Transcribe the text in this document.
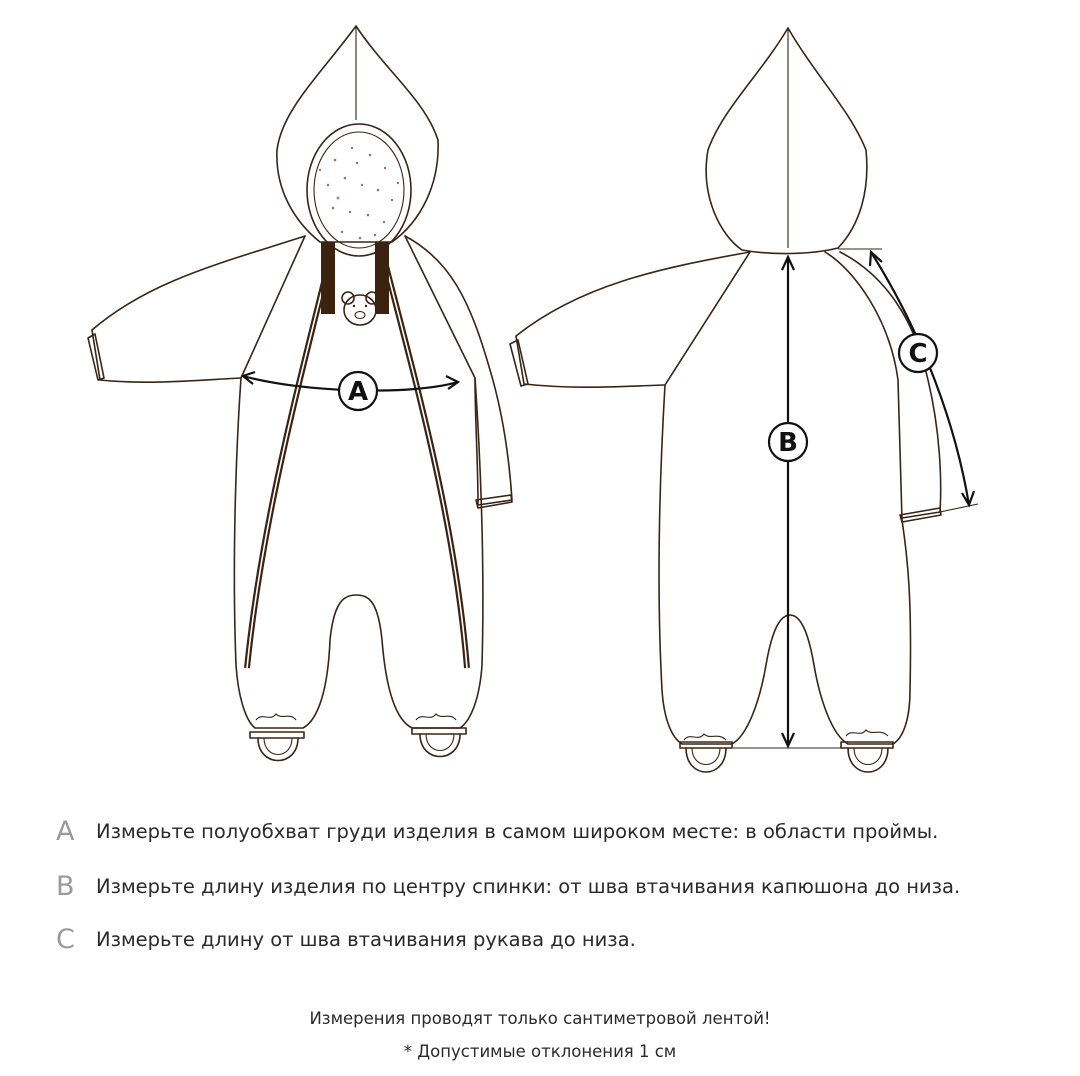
A
B
C
A	Измерьте полуобхват груди изделия в самом широком месте: в области проймы.
B	Измерьте длину изделия по центру спинки: от шва втачивания капюшона до низа.
C	Измерьте длину от шва втачивания рукава до низа.
Измерения проводят только сантиметровой лентой!
* Допустимые отклонения 1 см
